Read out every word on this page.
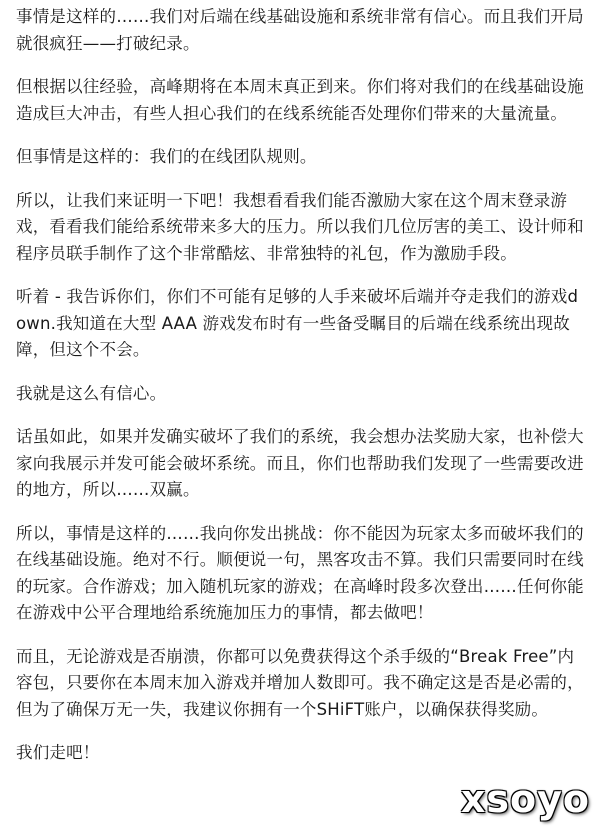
事情是这样的……我们对后端在线基础设施和系统非常有信心。而且我们开局就很疯狂——打破纪录。

但根据以往经验，高峰期将在本周末真正到来。你们将对我们的在线基础设施造成巨大冲击，有些人担心我们的在线系统能否处理你们带来的大量流量。

但事情是这样的：我们的在线团队规则。

所以，让我们来证明一下吧！我想看看我们能否激励大家在这个周末登录游戏，看看我们能给系统带来多大的压力。所以我们几位厉害的美工、设计师和程序员联手制作了这个非常酷炫、非常独特的礼包，作为激励手段。

听着 - 我告诉你们，你们不可能有足够的人手来破坏后端并夺走我们的游戏down.我知道在大型 AAA 游戏发布时有一些备受瞩目的后端在线系统出现故障，但这个不会。

我就是这么有信心。

话虽如此，如果并发确实破坏了我们的系统，我会想办法奖励大家，也补偿大家向我展示并发可能会破坏系统。而且，你们也帮助我们发现了一些需要改进的地方，所以……双赢。

所以，事情是这样的……我向你发出挑战：你不能因为玩家太多而破坏我们的在线基础设施。绝对不行。顺便说一句，黑客攻击不算。我们只需要同时在线的玩家。合作游戏；加入随机玩家的游戏；在高峰时段多次登出……任何你能在游戏中公平合理地给系统施加压力的事情，都去做吧！

而且，无论游戏是否崩溃，你都可以免费获得这个杀手级的“Break Free”内容包，只要你在本周末加入游戏并增加人数即可。我不确定这是否是必需的，但为了确保万无一失，我建议你拥有一个SHiFT账户，以确保获得奖励。

我们走吧！

xsoyo
